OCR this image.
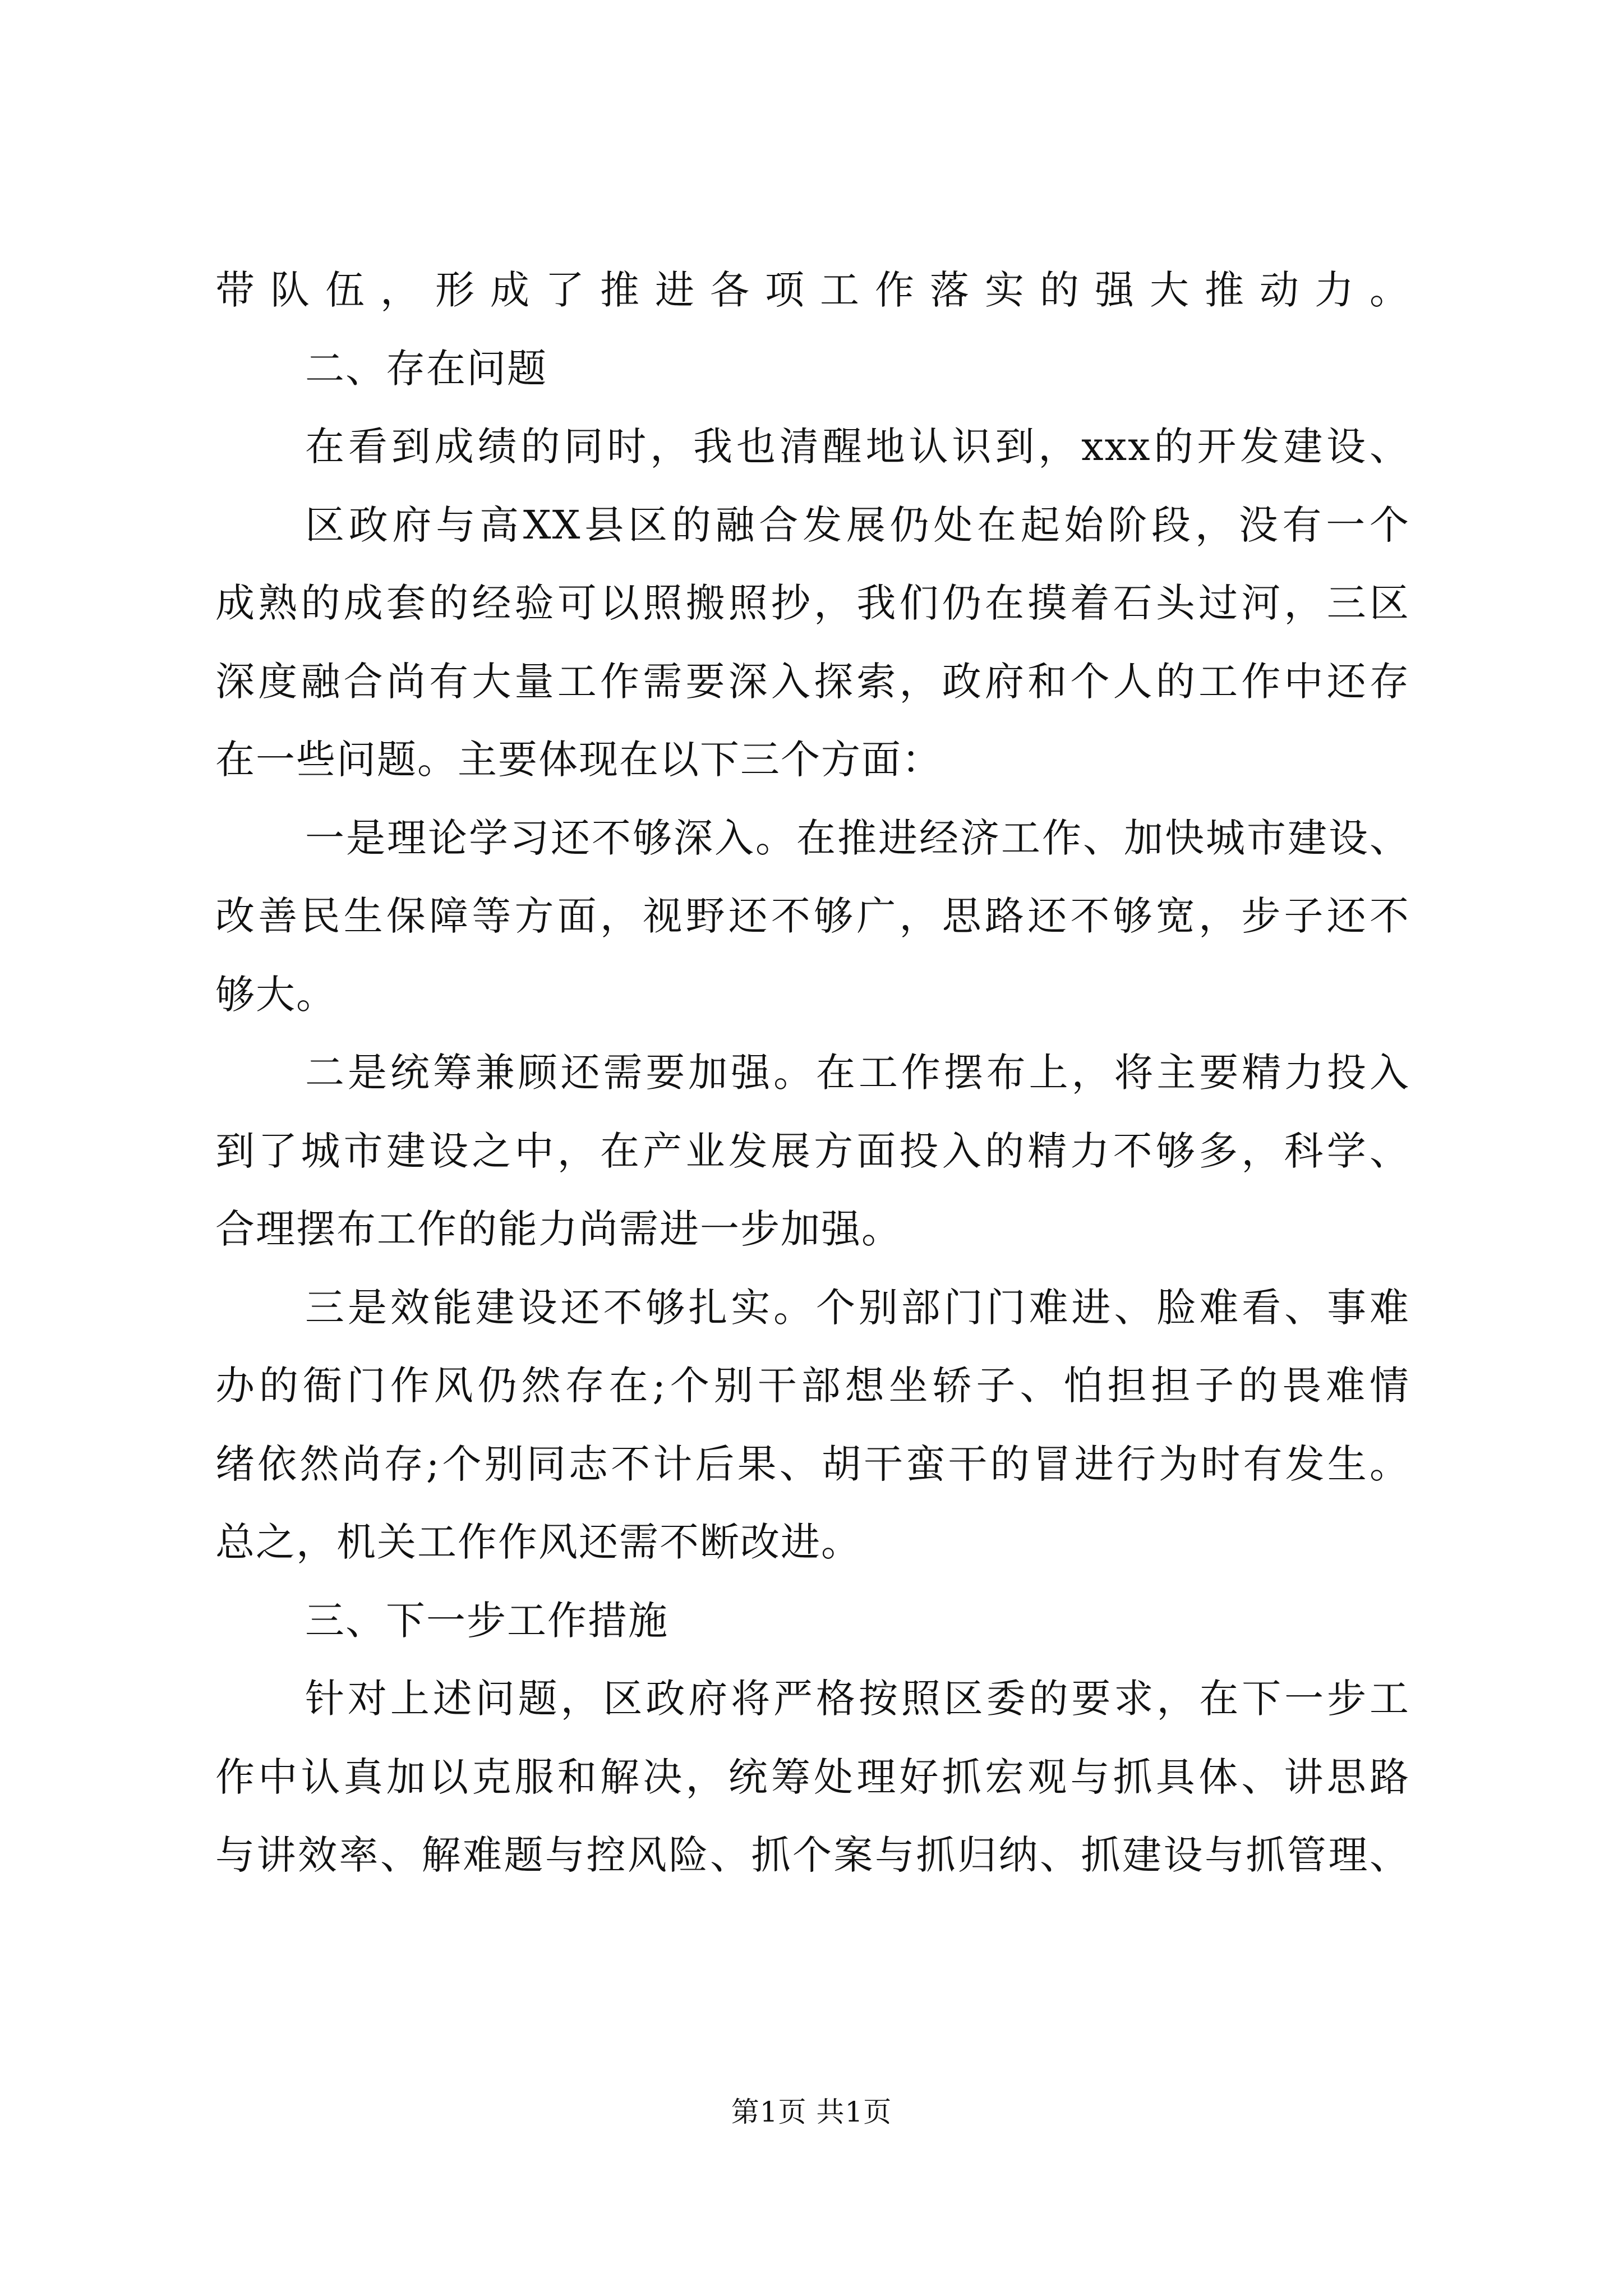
带队伍，形成了推进各项工作落实的强大推动力。
二、存在问题
在看到成绩的同时，我也清醒地认识到，xxx的开发建设、
区政府与高XX县区的融合发展仍处在起始阶段，没有一个
成熟的成套的经验可以照搬照抄，我们仍在摸着石头过河，三区
深度融合尚有大量工作需要深入探索，政府和个人的工作中还存
在一些问题。主要体现在以下三个方面：
一是理论学习还不够深入。在推进经济工作、加快城市建设、
改善民生保障等方面，视野还不够广，思路还不够宽，步子还不
够大。
二是统筹兼顾还需要加强。在工作摆布上，将主要精力投入
到了城市建设之中，在产业发展方面投入的精力不够多，科学、
合理摆布工作的能力尚需进一步加强。
三是效能建设还不够扎实。个别部门门难进、脸难看、事难
办的衙门作风仍然存在;个别干部想坐轿子、怕担担子的畏难情
绪依然尚存;个别同志不计后果、胡干蛮干的冒进行为时有发生。
总之，机关工作作风还需不断改进。
三、下一步工作措施
针对上述问题，区政府将严格按照区委的要求，在下一步工
作中认真加以克服和解决，统筹处理好抓宏观与抓具体、讲思路
与讲效率、解难题与控风险、抓个案与抓归纳、抓建设与抓管理、
第1页 共1页
